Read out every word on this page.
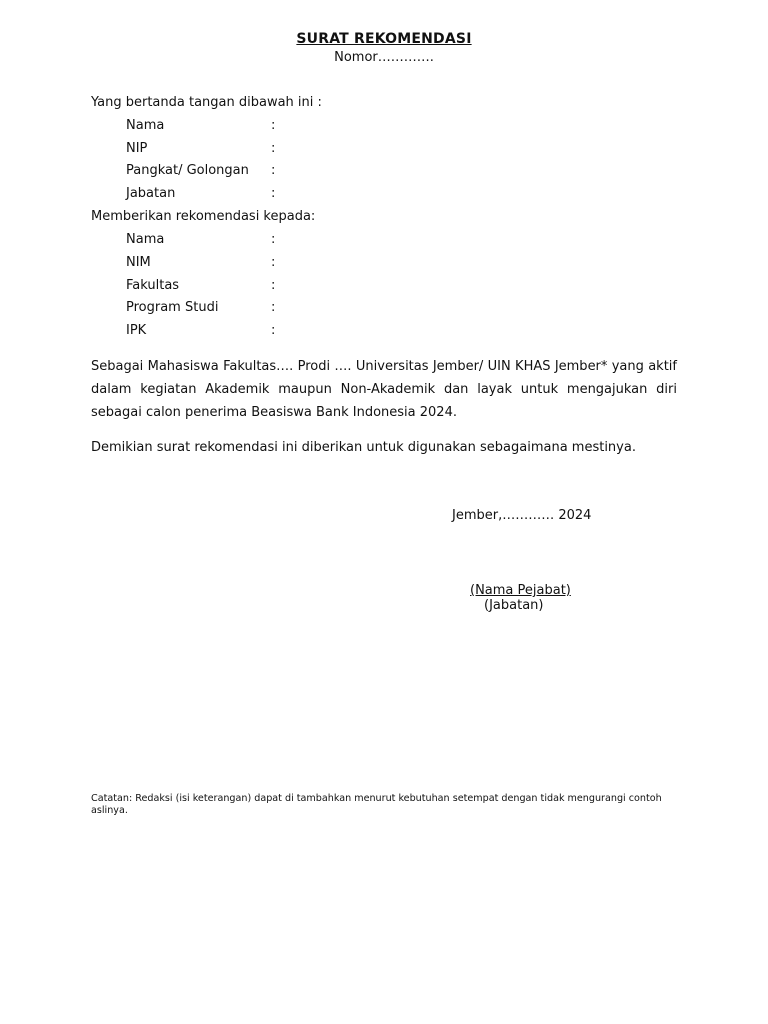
SURAT REKOMENDASI
Nomor………….
Yang bertanda tangan dibawah ini :
Nama	:
NIP	:
Pangkat/ Golongan :
Jabatan	:
Memberikan rekomendasi kepada:
Nama	:
NIM	:
Fakultas	:
Program Studi	:
IPK	:
Sebagai Mahasiswa Fakultas…. Prodi …. Universitas Jember/ UIN KHAS Jember* yang aktif
dalam kegiatan Akademik maupun Non-Akademik dan layak untuk mengajukan diri
sebagai calon penerima Beasiswa Bank Indonesia 2024.
Demikian surat rekomendasi ini diberikan untuk digunakan sebagaimana mestinya.
Jember,………… 2024
(Nama Pejabat)
(Jabatan)
Catatan: Redaksi (isi keterangan) dapat di tambahkan menurut kebutuhan setempat dengan tidak mengurangi contoh aslinya.
